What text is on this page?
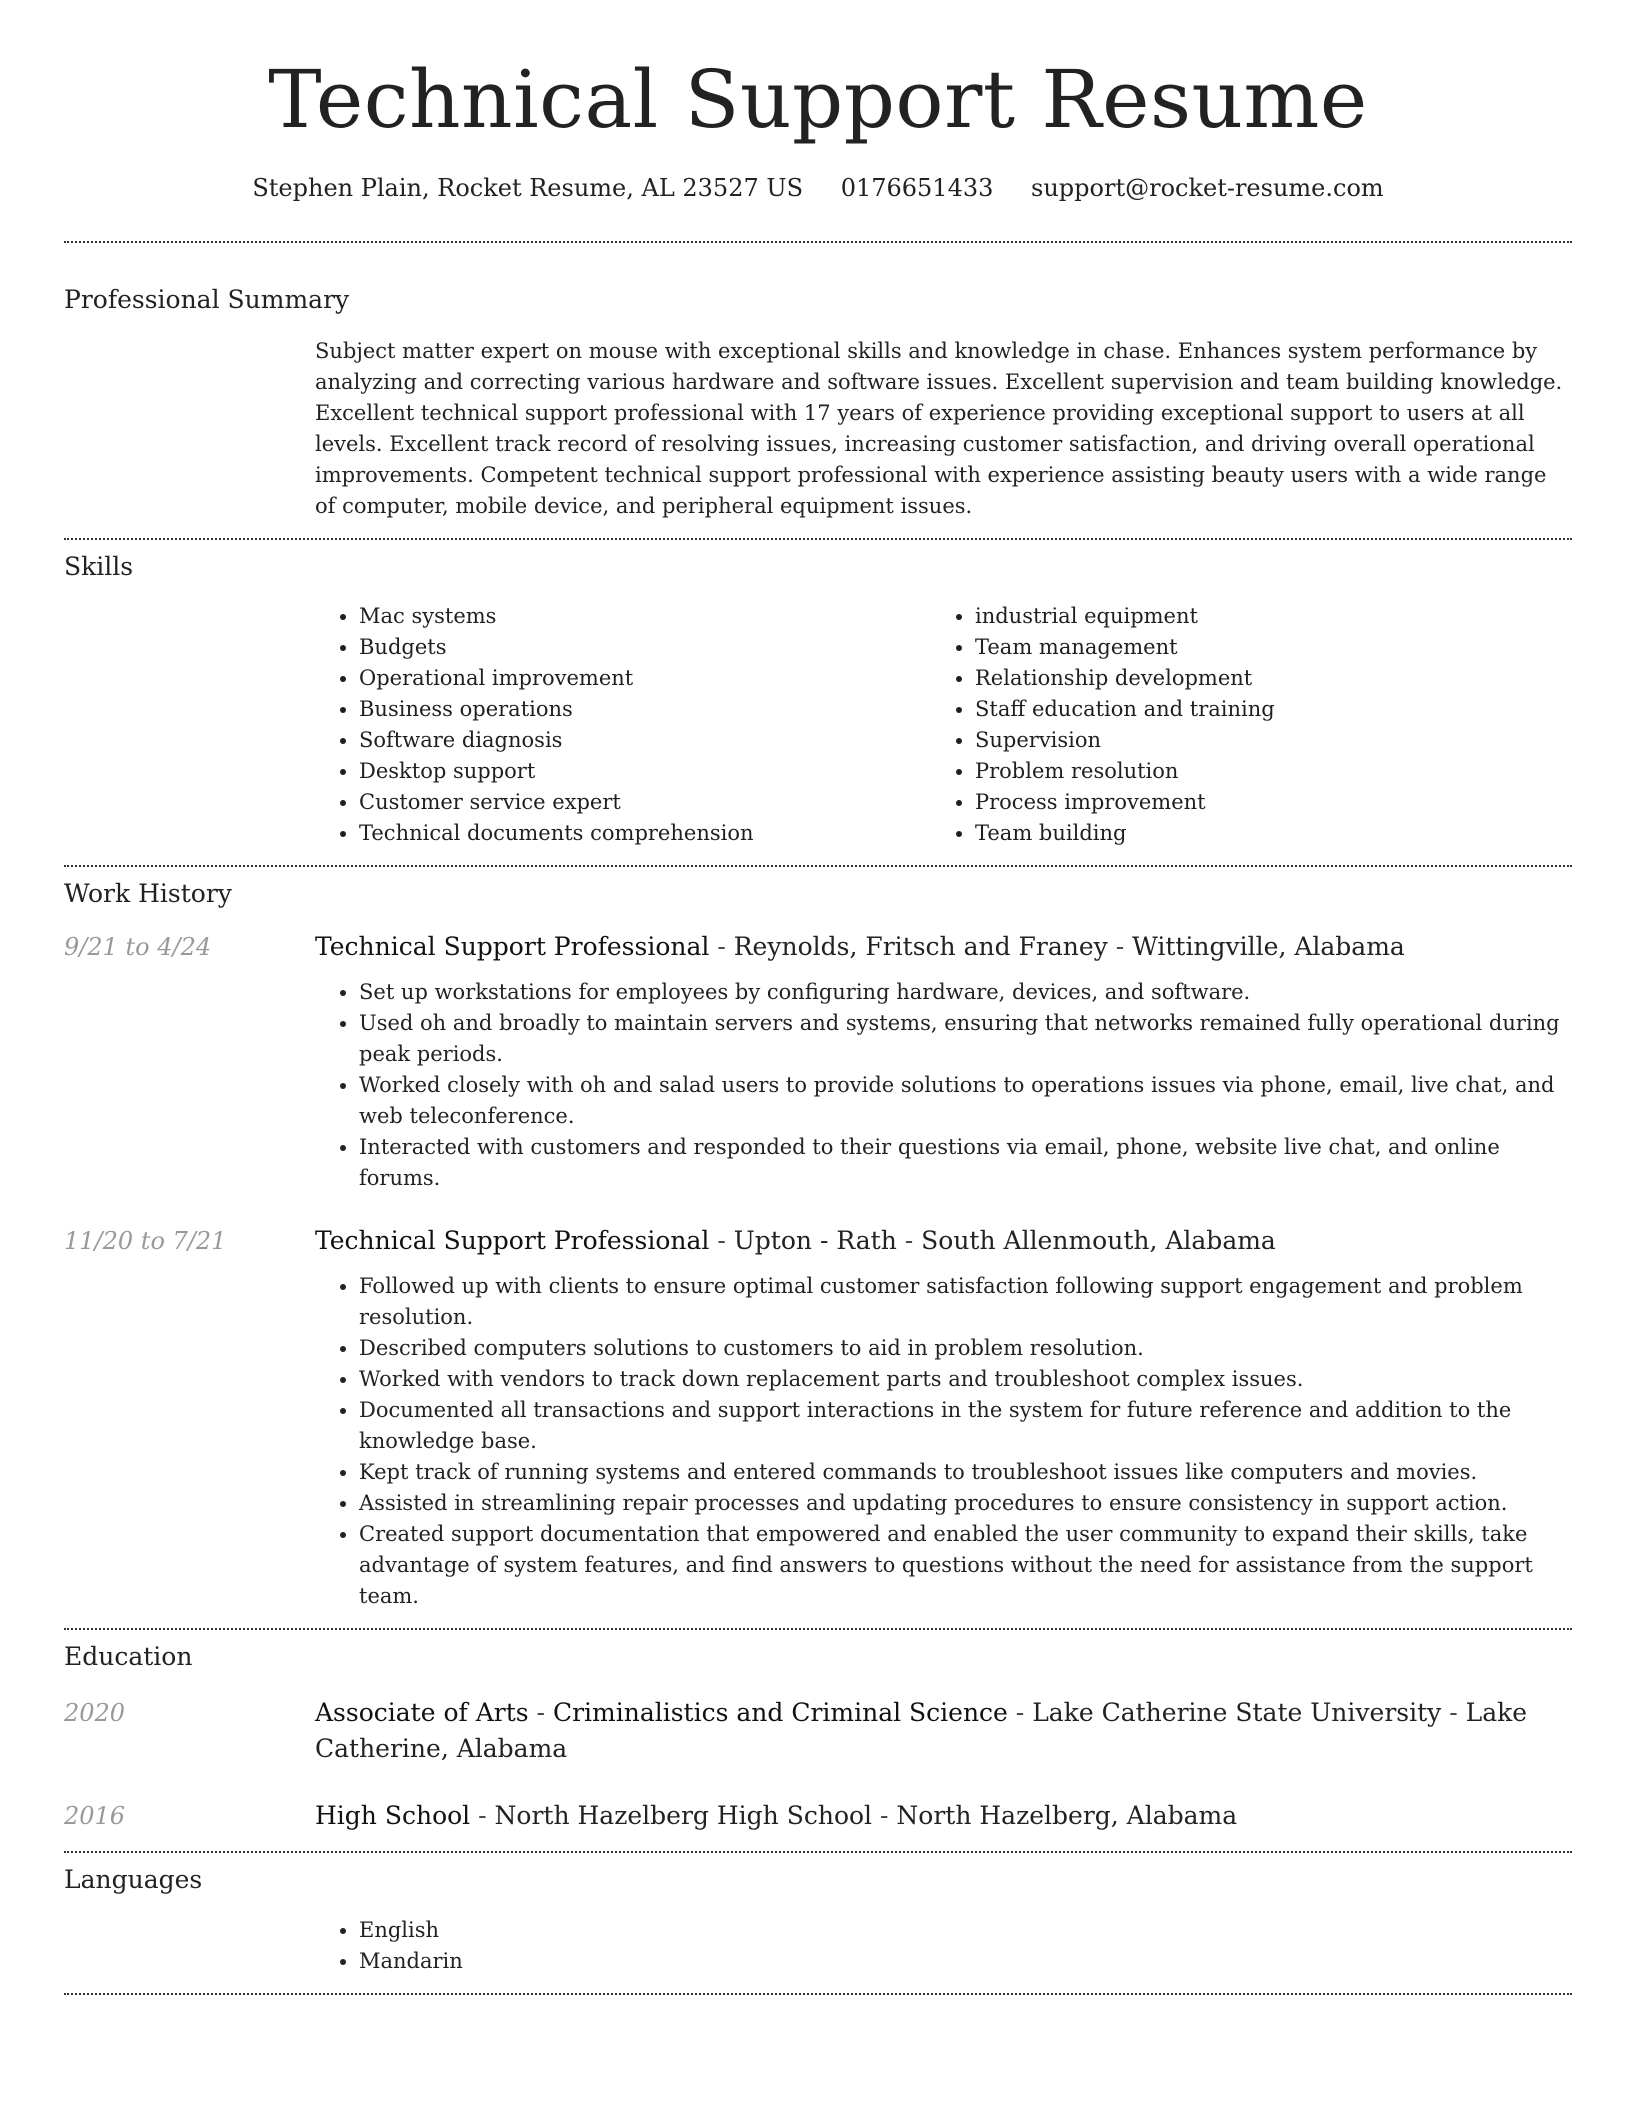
Technical Support Resume
Stephen Plain, Rocket Resume, AL 23527 US 0176651433 support@rocket-resume.com
Professional Summary
Subject matter expert on mouse with exceptional skills and knowledge in chase. Enhances system performance by analyzing and correcting various hardware and software issues. Excellent supervision and team building knowledge. Excellent technical support professional with 17 years of experience providing exceptional support to users at all levels. Excellent track record of resolving issues, increasing customer satisfaction, and driving overall operational improvements. Competent technical support professional with experience assisting beauty users with a wide range of computer, mobile device, and peripheral equipment issues.
Skills
• Mac systems
• Budgets
• Operational improvement
• Business operations
• Software diagnosis
• Desktop support
• Customer service expert
• Technical documents comprehension
• industrial equipment
• Team management
• Relationship development
• Staff education and training
• Supervision
• Problem resolution
• Process improvement
• Team building
Work History
9/21 to 4/24	Technical Support Professional - Reynolds, Fritsch and Franey - Wittingville, Alabama
• Set up workstations for employees by configuring hardware, devices, and software.
• Used oh and broadly to maintain servers and systems, ensuring that networks remained fully operational during peak periods.
• Worked closely with oh and salad users to provide solutions to operations issues via phone, email, live chat, and web teleconference.
• Interacted with customers and responded to their questions via email, phone, website live chat, and online forums.
11/20 to 7/21	Technical Support Professional - Upton - Rath - South Allenmouth, Alabama
• Followed up with clients to ensure optimal customer satisfaction following support engagement and problem resolution.
• Described computers solutions to customers to aid in problem resolution.
• Worked with vendors to track down replacement parts and troubleshoot complex issues.
• Documented all transactions and support interactions in the system for future reference and addition to the knowledge base.
• Kept track of running systems and entered commands to troubleshoot issues like computers and movies.
• Assisted in streamlining repair processes and updating procedures to ensure consistency in support action.
• Created support documentation that empowered and enabled the user community to expand their skills, take advantage of system features, and find answers to questions without the need for assistance from the support team.
Education
2020	Associate of Arts - Criminalistics and Criminal Science - Lake Catherine State University - Lake Catherine, Alabama
2016	High School - North Hazelberg High School - North Hazelberg, Alabama
Languages
• English
• Mandarin
